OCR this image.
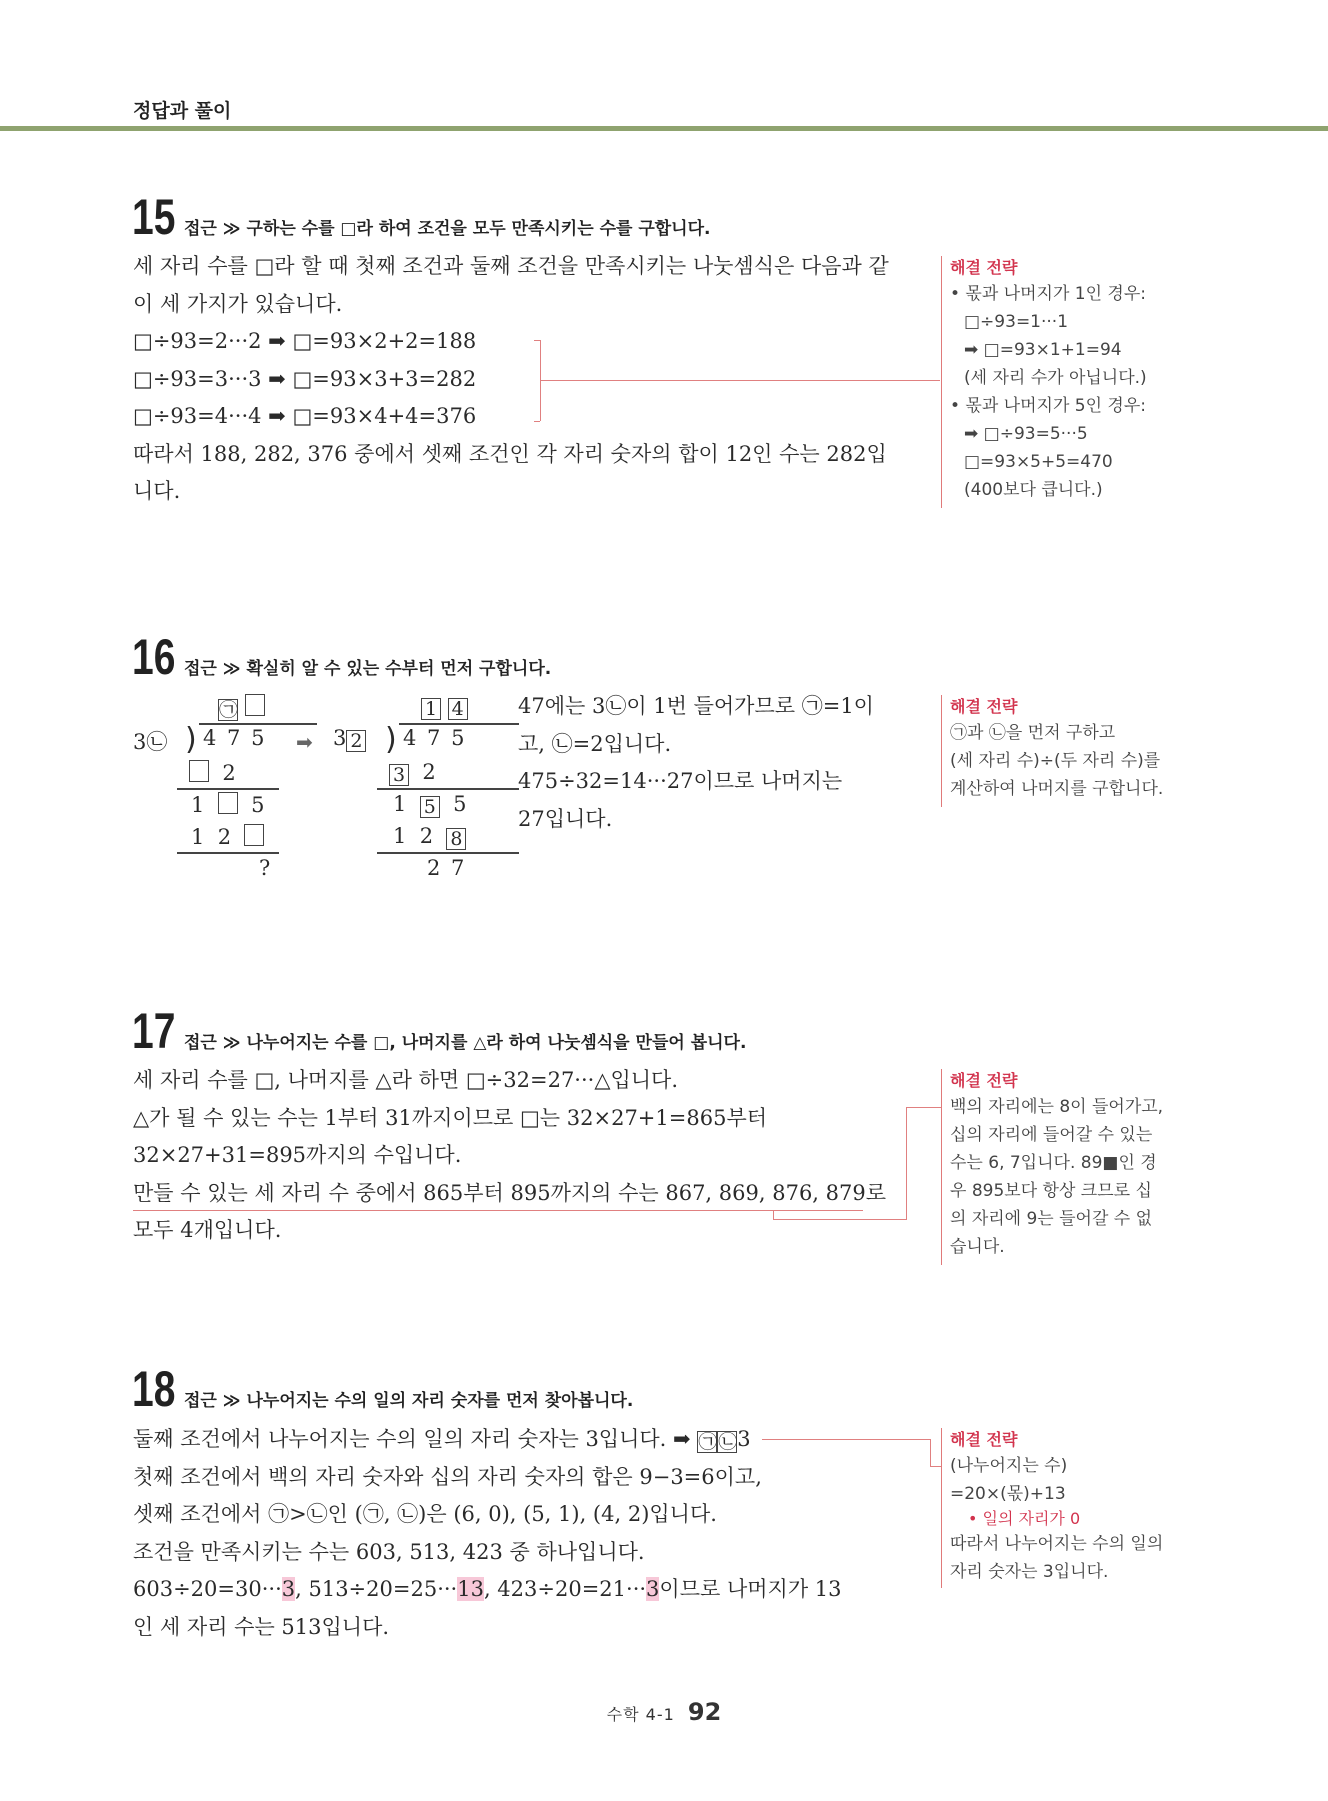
정답과 풀이
15 접근 ≫ 구하는 수를 □라 하여 조건을 모두 만족시키는 수를 구합니다.

세 자리 수를 □라 할 때 첫째 조건과 둘째 조건을 만족시키는 나눗셈식은 다음과 같

이 세 가지가 있습니다.

□÷93=2···2 ➡ □=93×2+2=188

□÷93=3···3 ➡ □=93×3+3=282

□÷93=4···4 ➡ □=93×4+4=376

따라서 188, 282, 376 중에서 셋째 조건인 각 자리 숫자의 합이 12인 수는 282입

니다.

해결 전략

• 몫과 나머지가 1인 경우:

□÷93=1···1

➡ □=93×1+1=94

(세 자리 수가 아닙니다.)

• 몫과 나머지가 5인 경우:

➡ □÷93=5···5

□=93×5+5=470

(400보다 큽니다.)

16 접근 ≫ 확실히 알 수 있는 수부터 먼저 구합니다.
㉠
3㉡ ) 4 7 5
2
1 5
1 2
?
➡
1 4
3 2 ) 4 7 5
3 2
1 5 5
1 2 8
2 7

47에는 3㉡이 1번 들어가므로 ㉠=1이

고, ㉡=2입니다.

475÷32=14···27이므로 나머지는

27입니다.

해결 전략

㉠과 ㉡을 먼저 구하고

(세 자리 수)÷(두 자리 수)를

계산하여 나머지를 구합니다.

17 접근 ≫ 나누어지는 수를 □, 나머지를 △라 하여 나눗셈식을 만들어 봅니다.

세 자리 수를 □, 나머지를 △라 하면 □÷32=27···△입니다.

△가 될 수 있는 수는 1부터 31까지이므로 □는 32×27+1=865부터

32×27+31=895까지의 수입니다.

만들 수 있는 세 자리 수 중에서 865부터 895까지의 수는 867, 869, 876, 879로

모두 4개입니다.

해결 전략

백의 자리에는 8이 들어가고,

십의 자리에 들어갈 수 있는

수는 6, 7입니다. 89■인 경

우 895보다 항상 크므로 십

의 자리에 9는 들어갈 수 없

습니다.

18 접근 ≫ 나누어지는 수의 일의 자리 숫자를 먼저 찾아봅니다.

둘째 조건에서 나누어지는 수의 일의 자리 숫자는 3입니다. ➡ ㉠㉡3

첫째 조건에서 백의 자리 숫자와 십의 자리 숫자의 합은 9−3=6이고,

셋째 조건에서 ㉠>㉡인 (㉠, ㉡)은 (6, 0), (5, 1), (4, 2)입니다.

조건을 만족시키는 수는 603, 513, 423 중 하나입니다.

603÷20=30···3, 513÷20=25···13, 423÷20=21···3이므로 나머지가 13

인 세 자리 수는 513입니다.

해결 전략

(나누어지는 수)

=20×(몫)+13

• 일의 자리가 0

따라서 나누어지는 수의 일의

자리 숫자는 3입니다.

수학 4-1 92
